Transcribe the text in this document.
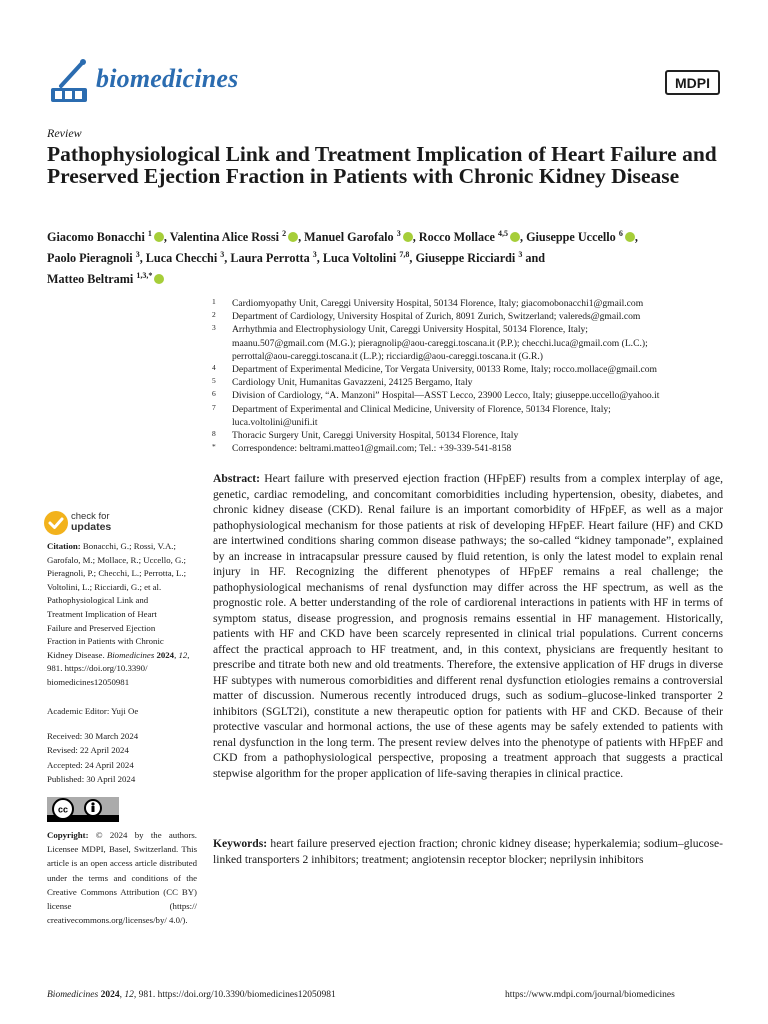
biomedicines	MDPI
Review
Pathophysiological Link and Treatment Implication of Heart Failure and Preserved Ejection Fraction in Patients with Chronic Kidney Disease
Giacomo Bonacchi $^1$ , Valentina Alice Rossi $^2$ , Manuel Garofalo $^3$ , Rocco Mollace $^{4,5}$ , Giuseppe Uccello $^6$ ,
Paolo Pieragnoli $^3$, Luca Checchi $^3$, Laura Perrotta $^3$, Luca Voltolini $^{7,8}$, Giuseppe Ricciardi $^3$ and
Matteo Beltrami $^{1,3,*}$
1	Cardiomyopathy Unit, Careggi University Hospital, 50134 Florence, Italy; giacomobonacchi1@gmail.com
2	Department of Cardiology, University Hospital of Zurich, 8091 Zurich, Switzerland; valereds@gmail.com
3	Arrhythmia and Electrophysiology Unit, Careggi University Hospital, 50134 Florence, Italy;
maanu.507@gmail.com (M.G.); pieragnolip@aou-careggi.toscana.it (P.P.); checchi.luca@gmail.com (L.C.);
perrottal@aou-careggi.toscana.it (L.P.); ricciardig@aou-careggi.toscana.it (G.R.)
4	Department of Experimental Medicine, Tor Vergata University, 00133 Rome, Italy; rocco.mollace@gmail.com
5	Cardiology Unit, Humanitas Gavazzeni, 24125 Bergamo, Italy
6	Division of Cardiology, “A. Manzoni” Hospital—ASST Lecco, 23900 Lecco, Italy; giuseppe.uccello@yahoo.it
7	Department of Experimental and Clinical Medicine, University of Florence, 50134 Florence, Italy;
luca.voltolini@unifi.it
8	Thoracic Surgery Unit, Careggi University Hospital, 50134 Florence, Italy
*	Correspondence: beltrami.matteo1@gmail.com; Tel.: +39-339-541-8158
Abstract: Heart failure with preserved ejection fraction (HFpEF) results from a complex interplay of age, genetic, cardiac remodeling, and concomitant comorbidities including hypertension, obesity, diabetes, and chronic kidney disease (CKD). Renal failure is an important comorbidity of HFpEF, as well as a major pathophysiological mechanism for those patients at risk of developing HFpEF. Heart failure (HF) and CKD are intertwined conditions sharing common disease pathways; the so-called “kidney tamponade”, explained by an increase in intracapsular pressure caused by fluid retention, is only the latest model to explain renal injury in HF. Recognizing the different phenotypes of HFpEF remains a real challenge; the pathophysiological mechanisms of renal dysfunction may differ across the HF spectrum, as well as the prognostic role. A better understanding of the role of cardiorenal interactions in patients with HF in terms of symptom status, disease progression, and prognosis remains essential in HF management. Historically, patients with HF and CKD have been scarcely represented in clinical trial populations. Current concerns affect the practical approach to HF treatment, and, in this context, physicians are frequently hesitant to prescribe and titrate both new and old treatments. Therefore, the extensive application of HF drugs in diverse HF subtypes with numerous comorbidities and different renal dysfunction etiologies remains a controversial matter of discussion. Numerous recently introduced drugs, such as sodium–glucose-linked transporter 2 inhibitors (SGLT2i), constitute a new therapeutic option for patients with HF and CKD. Because of their protective vascular and hormonal actions, the use of these agents may be safely extended to patients with renal dysfunction in the long term. The present review delves into the phenotype of patients with HFpEF and CKD from a pathophysiological perspective, proposing a treatment approach that suggests a practical stepwise algorithm for the proper application of life-saving therapies in clinical practice.
Keywords: heart failure preserved ejection fraction; chronic kidney disease; hyperkalemia; sodium–glucose-linked transporters 2 inhibitors; treatment; angiotensin receptor blocker; neprilysin inhibitors
check for
updates

Citation: Bonacchi, G.; Rossi, V.A.;

Garofalo, M.; Mollace, R.; Uccello, G.;

Pieragnoli, P.; Checchi, L.; Perrotta, L.;

Voltolini, L.; Ricciardi, G.; et al.

Pathophysiological Link and

Treatment Implication of Heart

Failure and Preserved Ejection

Fraction in Patients with Chronic

Kidney Disease. Biomedicines 2024, 12,

981. https://doi.org/10.3390/

biomedicines12050981

Academic Editor: Yuji Oe
Received: 30 March 2024
Revised: 22 April 2024
Accepted: 24 April 2024
Published: 30 April 2024
cc
Copyright: © 2024 by the authors. Licensee MDPI, Basel, Switzerland. This article is an open access article distributed under the terms and conditions of the Creative Commons Attribution (CC BY) license (https:// creativecommons.org/licenses/by/ 4.0/).
Biomedicines 2024, 12, 981. https://doi.org/10.3390/biomedicines12050981	https://www.mdpi.com/journal/biomedicines
